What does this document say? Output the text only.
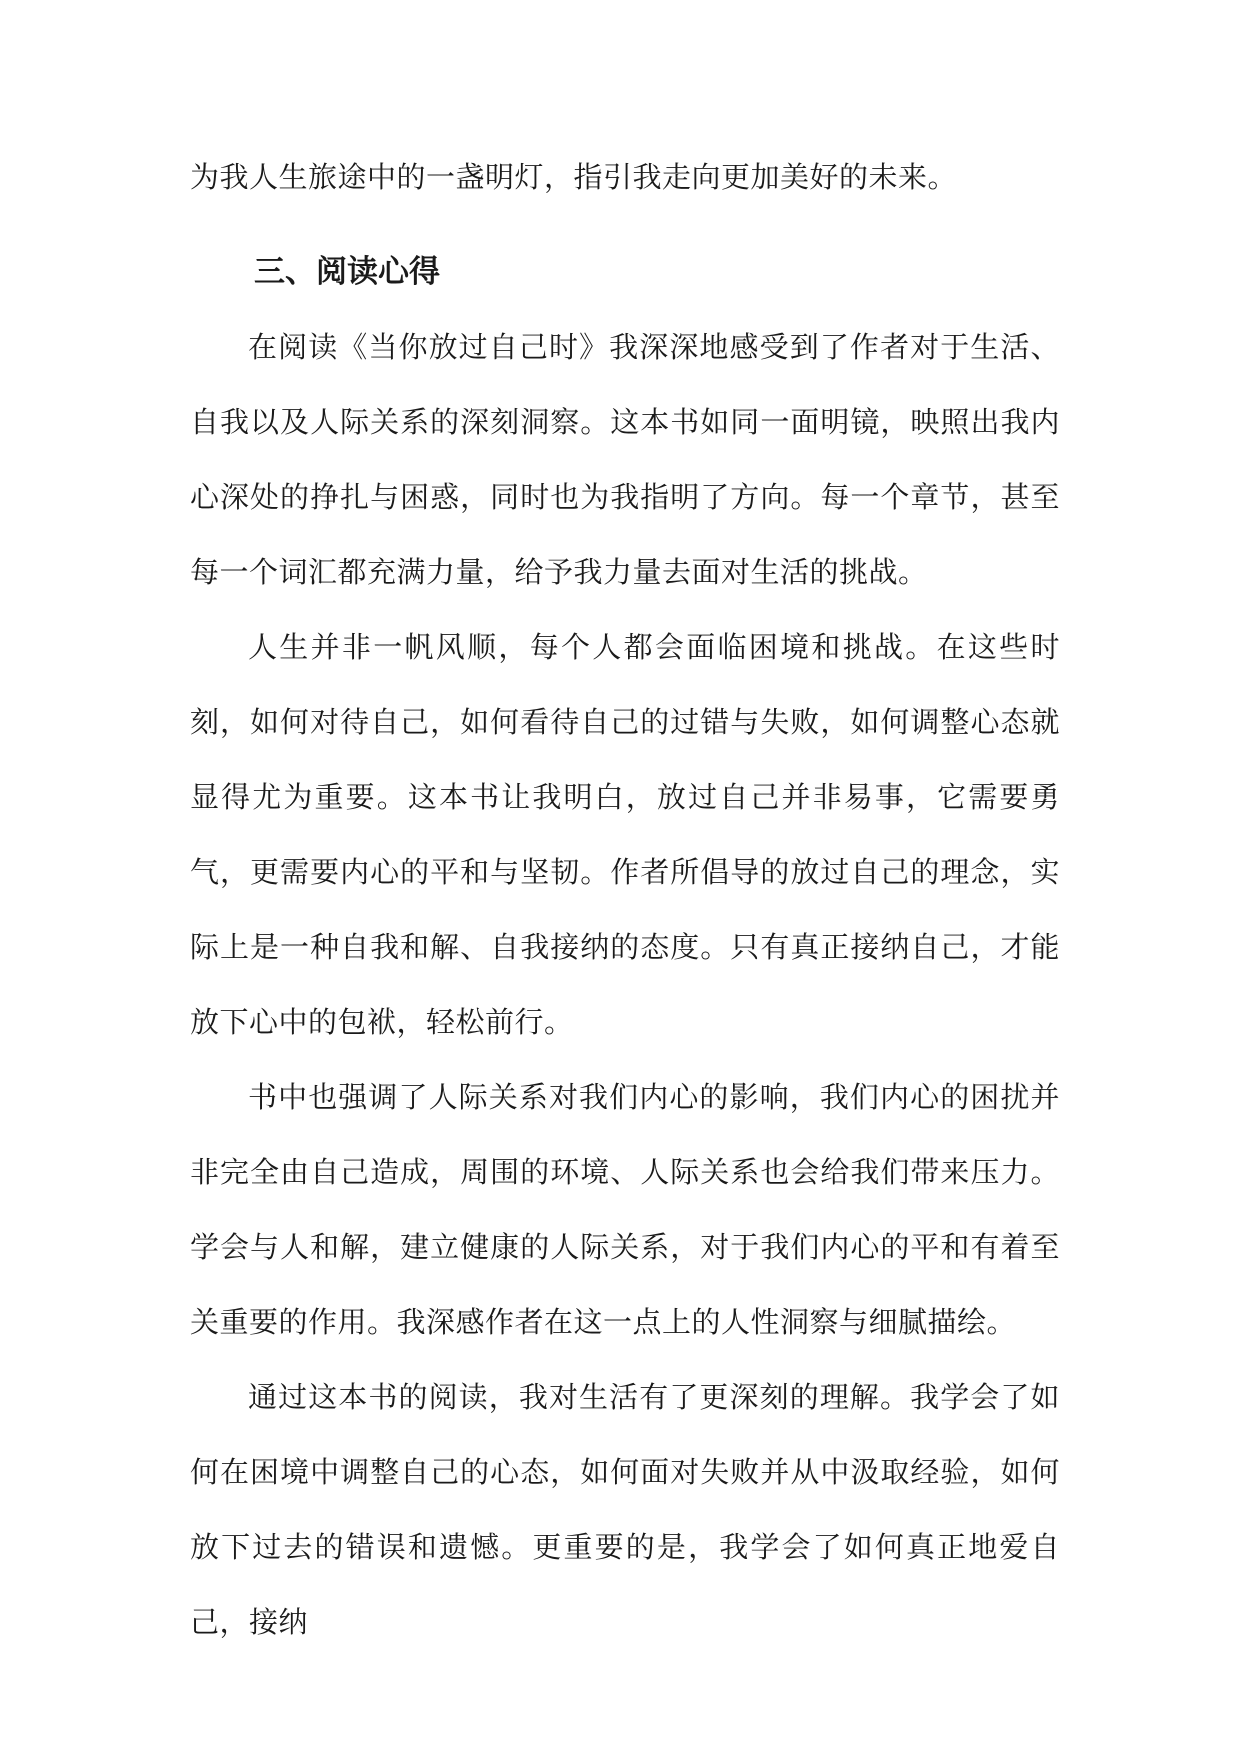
为我人生旅途中的一盏明灯，指引我走向更加美好的未来。

三、阅读心得

在阅读《当你放过自己时》我深深地感受到了作者对于生活、自我以及人际关系的深刻洞察。这本书如同一面明镜，映照出我内心深处的挣扎与困惑，同时也为我指明了方向。每一个章节，甚至每一个词汇都充满力量，给予我力量去面对生活的挑战。

人生并非一帆风顺，每个人都会面临困境和挑战。在这些时刻，如何对待自己，如何看待自己的过错与失败，如何调整心态就显得尤为重要。这本书让我明白，放过自己并非易事，它需要勇气，更需要内心的平和与坚韧。作者所倡导的放过自己的理念，实际上是一种自我和解、自我接纳的态度。只有真正接纳自己，才能放下心中的包袱，轻松前行。

书中也强调了人际关系对我们内心的影响，我们内心的困扰并非完全由自己造成，周围的环境、人际关系也会给我们带来压力。学会与人和解，建立健康的人际关系，对于我们内心的平和有着至关重要的作用。我深感作者在这一点上的人性洞察与细腻描绘。

通过这本书的阅读，我对生活有了更深刻的理解。我学会了如何在困境中调整自己的心态，如何面对失败并从中汲取经验，如何放下过去的错误和遗憾。更重要的是，我学会了如何真正地爱自己，接纳
